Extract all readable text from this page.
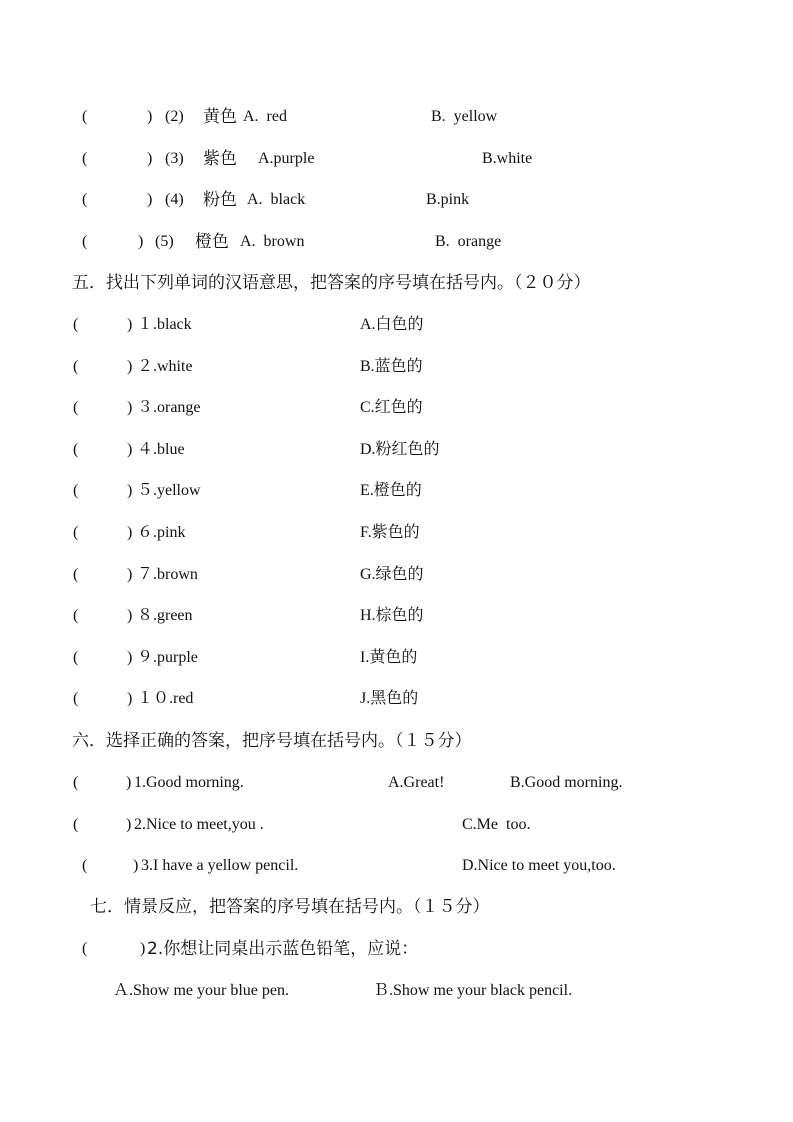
(	) (2) 黄色 A.  red	B.  yellow
(	) (3) 紫色 A.purple	B.white
(	) (4) 粉色 A.  black	B.pink
(	) (5) 橙色 A.  brown	B.  orange
五．找出下列单词的汉语意思，把答案的序号填在括号内。（２０分）
(	) １.black	A.白色的
(	) ２.white	B.蓝色的
(	) ３.orange	C.红色的
(	) ４.blue	D.粉红色的
(	) ５.yellow	E.橙色的
(	) ６.pink	F.紫色的
(	) ７.brown	G.绿色的
(	) ８.green	H.棕色的
(	) ９.purple	I.黄色的
(	) １０.red	J.黑色的
六．选择正确的答案，把序号填在括号内。（１５分）
(	) 1.Good morning.	A.Great!	B.Good morning.
(	) 2.Nice to meet,you .	C.Me  too.
(	) 3.I have a yellow pencil.	D.Nice to meet you,too.
七．情景反应，把答案的序号填在括号内。（１５分）
(	) 2.你想让同桌出示蓝色铅笔，应说：
Ａ.Show me your blue pen.	Ｂ.Show me your black pencil.
